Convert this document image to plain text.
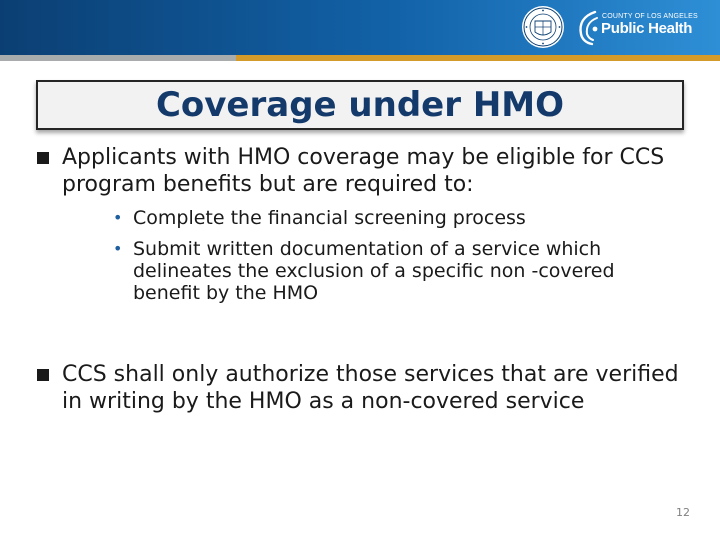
COUNTY OF LOS ANGELES
Public Health
Coverage under HMO
Applicants with HMO coverage may be eligible for CCS program benefits but are required to:
• Complete the financial screening process
• Submit written documentation of a service which delineates the exclusion of a specific non -covered benefit by the HMO
CCS shall only authorize those services that are verified in writing by the HMO as a non-covered service
12
